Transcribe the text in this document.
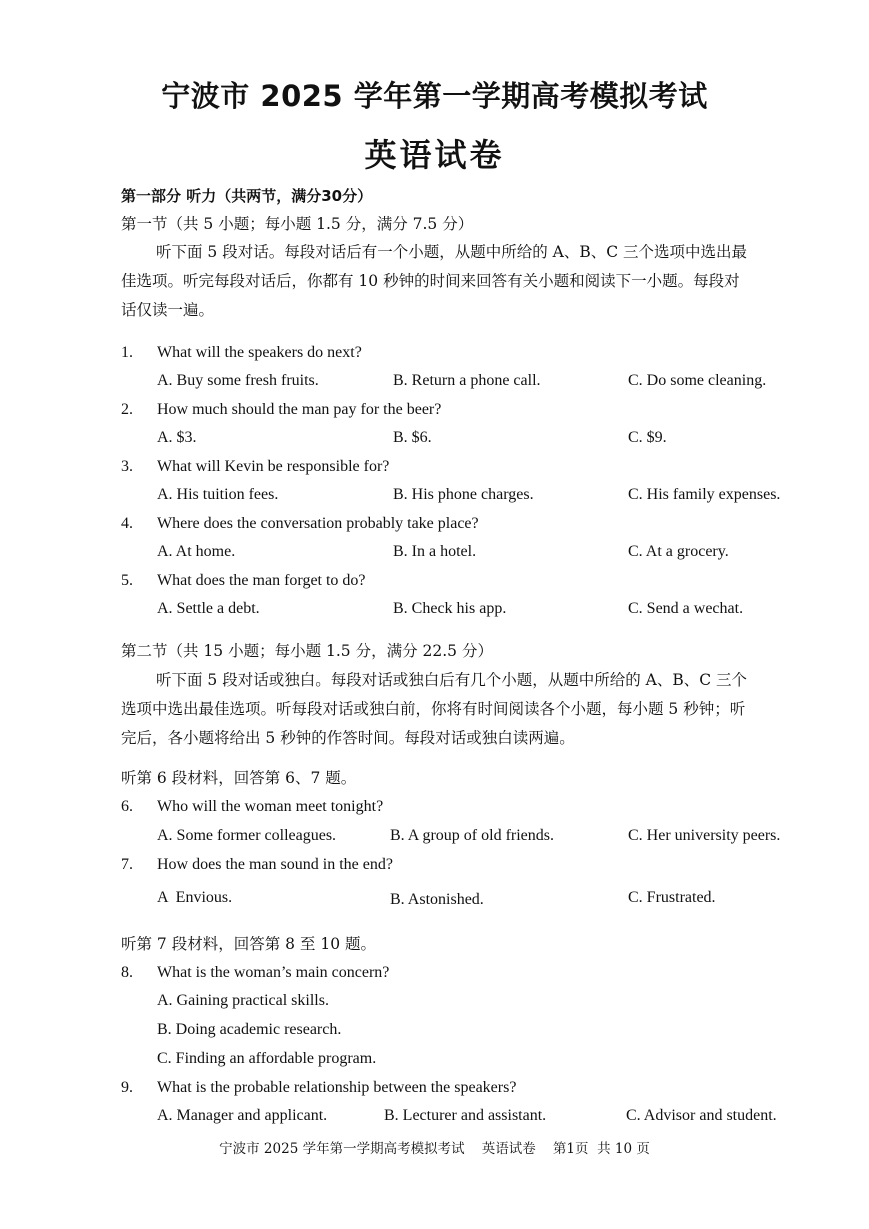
宁波市 2025 学年第一学期高考模拟考试
英语试卷
第一部分 听力（共两节，满分30分）
第一节（共 5 小题；每小题 1.5 分，满分 7.5 分）
听下面 5 段对话。每段对话后有一个小题，从题中所给的 A、B、C 三个选项中选出最
佳选项。听完每段对话后，你都有 10 秒钟的时间来回答有关小题和阅读下一小题。每段对
话仅读一遍。
1. What will the speakers do next?
A. Buy some fresh fruits.	B. Return a phone call.	C. Do some cleaning.
2. How much should the man pay for the beer?
A. $3.	B. $6.	C. $9.
3. What will Kevin be responsible for?
A. His tuition fees.	B. His phone charges.	C. His family expenses.
4. Where does the conversation probably take place?
A. At home.	B. In a hotel.	C. At a grocery.
5. What does the man forget to do?
A. Settle a debt.	B. Check his app.	C. Send a wechat.
第二节（共 15 小题；每小题 1.5 分，满分 22.5 分）
听下面 5 段对话或独白。每段对话或独白后有几个小题，从题中所给的 A、B、C 三个
选项中选出最佳选项。听每段对话或独白前，你将有时间阅读各个小题，每小题 5 秒钟；听
完后，各小题将给出 5 秒钟的作答时间。每段对话或独白读两遍。
听第 6 段材料，回答第 6、7 题。
6. Who will the woman meet tonight?
A. Some former colleagues.	B. A group of old friends.	C. Her university peers.
7. How does the man sound in the end?
A  Envious.	B. Astonished.	C. Frustrated.
听第 7 段材料，回答第 8 至 10 题。
8. What is the woman’s main concern?
A. Gaining practical skills.
B. Doing academic research.
C. Finding an affordable program.
9. What is the probable relationship between the speakers?
A. Manager and applicant.	B. Lecturer and assistant.	C. Advisor and student.
宁波市 2025 学年第一学期高考模拟考试    英语试卷    第1页  共 10 页
